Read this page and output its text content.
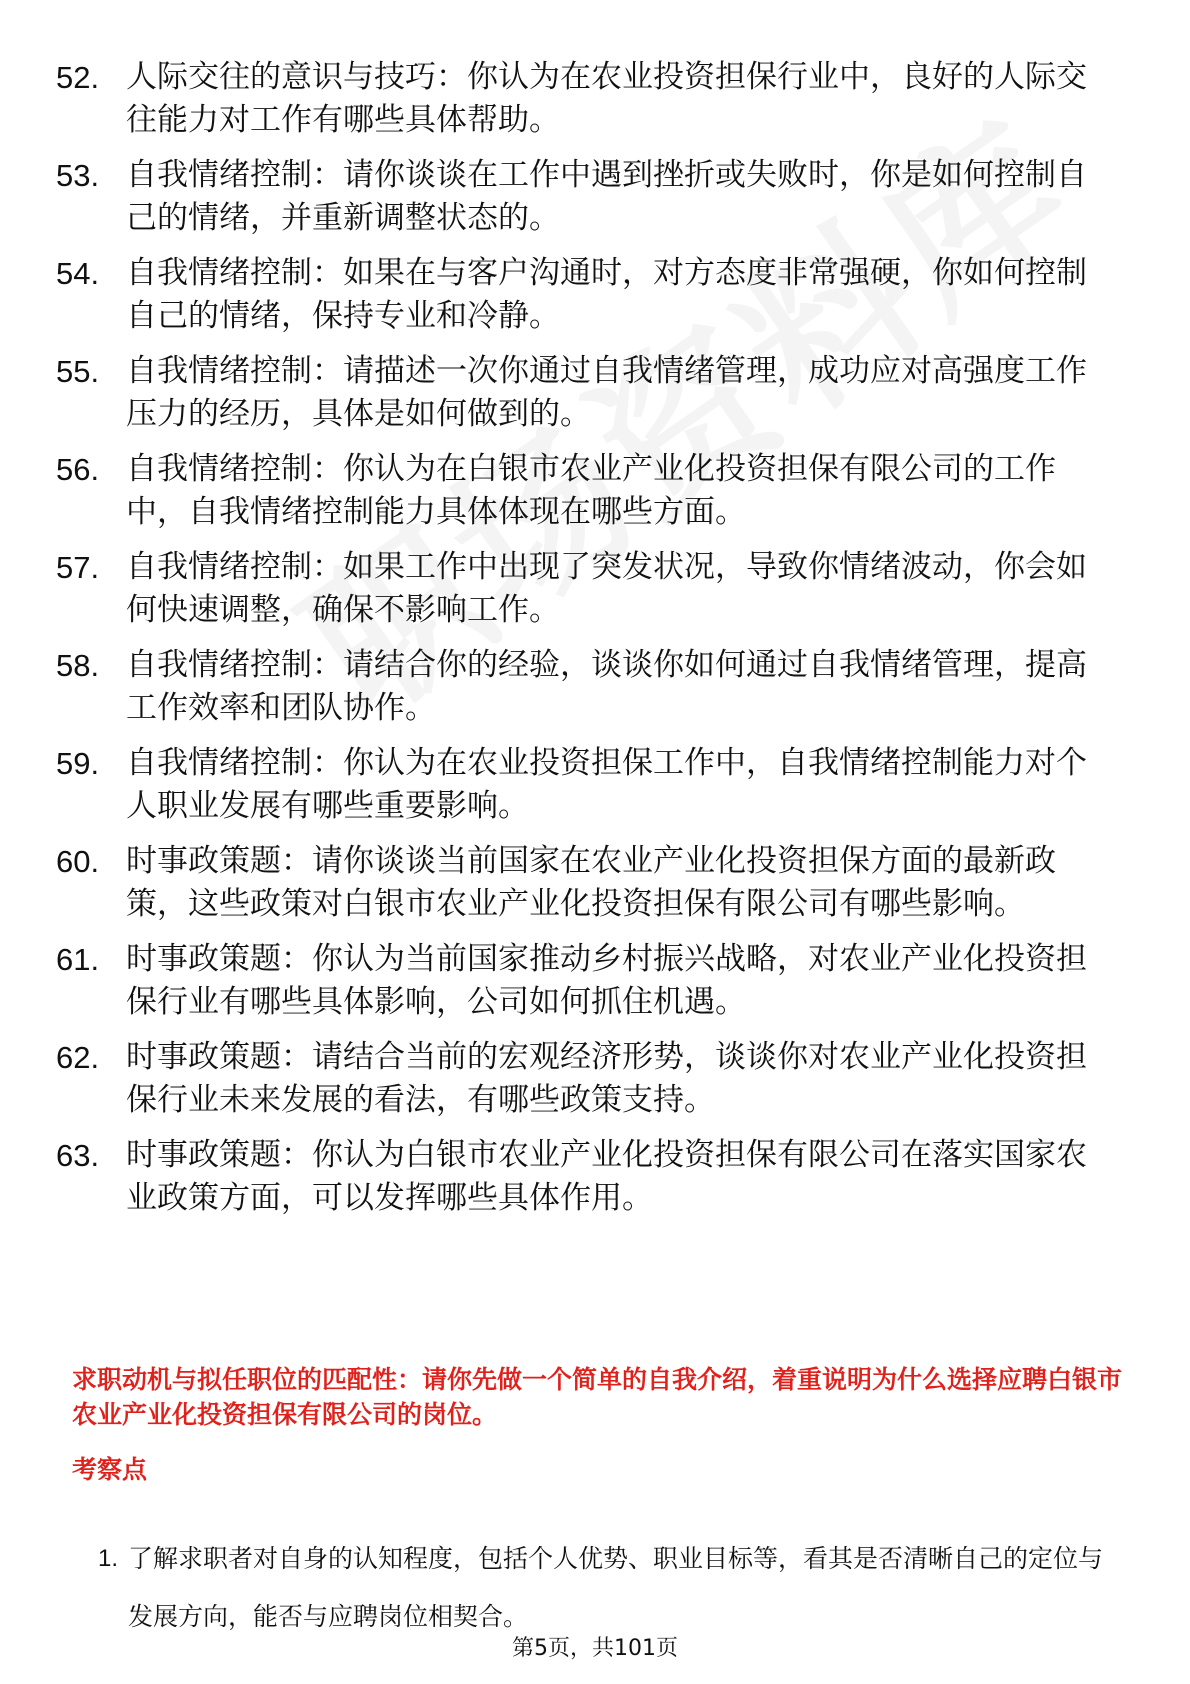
52. 人际交往的意识与技巧：你认为在农业投资担保行业中，良好的人际交往能力对工作有哪些具体帮助。
53. 自我情绪控制：请你谈谈在工作中遇到挫折或失败时，你是如何控制自己的情绪，并重新调整状态的。
54. 自我情绪控制：如果在与客户沟通时，对方态度非常强硬，你如何控制自己的情绪，保持专业和冷静。
55. 自我情绪控制：请描述一次你通过自我情绪管理，成功应对高强度工作压力的经历，具体是如何做到的。
56. 自我情绪控制：你认为在白银市农业产业化投资担保有限公司的工作中，自我情绪控制能力具体体现在哪些方面。
57. 自我情绪控制：如果工作中出现了突发状况，导致你情绪波动，你会如何快速调整，确保不影响工作。
58. 自我情绪控制：请结合你的经验，谈谈你如何通过自我情绪管理，提高工作效率和团队协作。
59. 自我情绪控制：你认为在农业投资担保工作中，自我情绪控制能力对个人职业发展有哪些重要影响。
60. 时事政策题：请你谈谈当前国家在农业产业化投资担保方面的最新政策，这些政策对白银市农业产业化投资担保有限公司有哪些影响。
61. 时事政策题：你认为当前国家推动乡村振兴战略，对农业产业化投资担保行业有哪些具体影响，公司如何抓住机遇。
62. 时事政策题：请结合当前的宏观经济形势，谈谈你对农业产业化投资担保行业未来发展的看法，有哪些政策支持。
63. 时事政策题：你认为白银市农业产业化投资担保有限公司在落实国家农业政策方面，可以发挥哪些具体作用。
求职动机与拟任职位的匹配性：请你先做一个简单的自我介绍，着重说明为什么选择应聘白银市农业产业化投资担保有限公司的岗位。
考察点
1. 了解求职者对自身的认知程度，包括个人优势、职业目标等，看其是否清晰自己的定位与发展方向，能否与应聘岗位相契合。
第5页，共101页
